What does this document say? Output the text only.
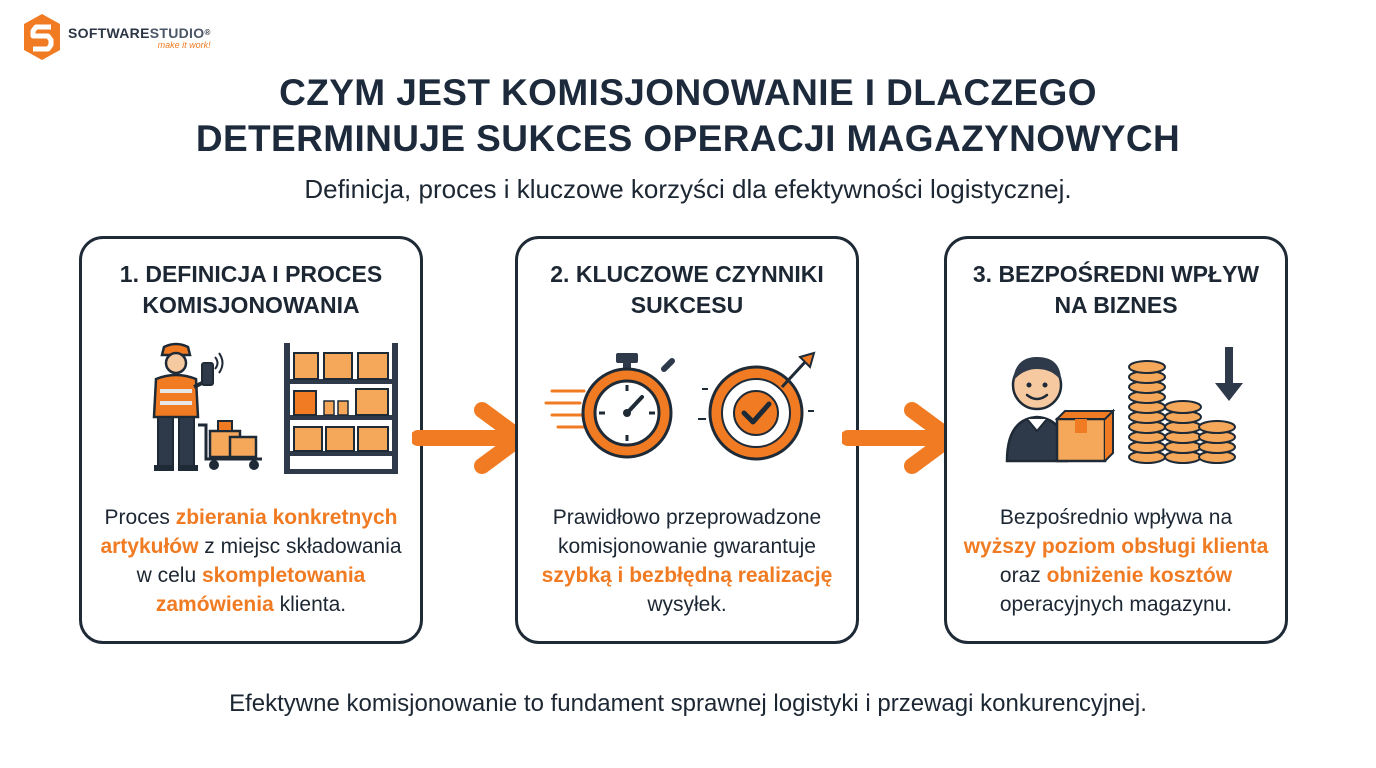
SOFTWARESTUDIO®
make it work!
CZYM JEST KOMISJONOWANIE I DLACZEGO
DETERMINUJE SUKCES OPERACJI MAGAZYNOWYCH
Definicja, proces i kluczowe korzyści dla efektywności logistycznej.
1. DEFINICJA I PROCES
KOMISJONOWANIA
Proces zbierania konkretnych artykułów z miejsc składowania w celu skompletowania zamówienia klienta.
2. KLUCZOWE CZYNNIKI
SUKCESU
Prawidłowo przeprowadzone komisjonowanie gwarantuje szybką i bezbłędną realizację wysyłek.
3. BEZPOŚREDNI WPŁYW
NA BIZNES
Bezpośrednio wpływa na wyższy poziom obsługi klienta oraz obniżenie kosztów operacyjnych magazynu.
Efektywne komisjonowanie to fundament sprawnej logistyki i przewagi konkurencyjnej.
